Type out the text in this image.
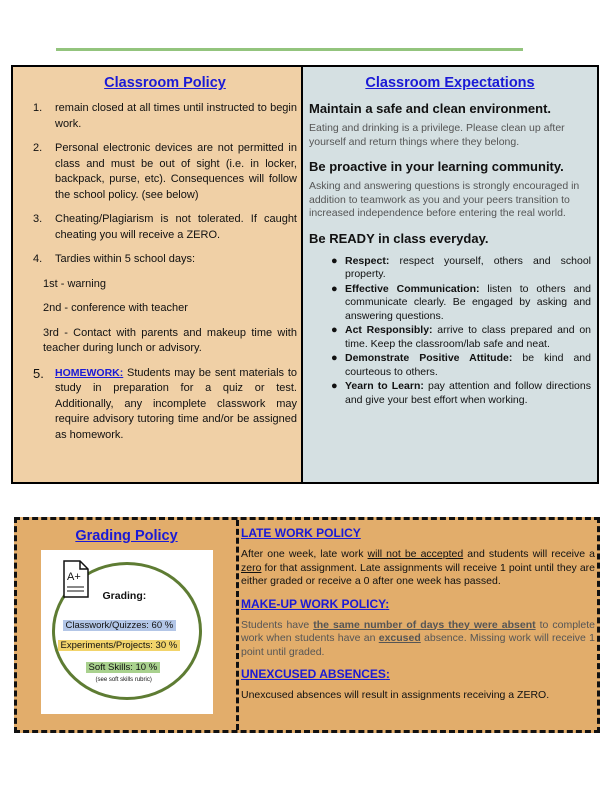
Classroom Policy
1.	remain closed at all times until instructed to begin work.
2.	Personal electronic devices are not permitted in class and must be out of sight (i.e. in locker, backpack, purse, etc). Consequences will follow the school policy. (see below)
3.	Cheating/Plagiarism is not tolerated. If caught cheating you will receive a ZERO.
4.	Tardies within 5 school days:
1st - warning
2nd - conference with teacher
3rd - Contact with parents and makeup time with teacher during lunch or advisory.
5.	HOMEWORK: Students may be sent materials to study in preparation for a quiz or test. Additionally, any incomplete classwork may require advisory tutoring time and/or be assigned as homework.
Classroom Expectations
Maintain a safe and clean environment.
Eating and drinking is a privilege. Please clean up after yourself and return things where they belong.
Be proactive in your learning community.
Asking and answering questions is strongly encouraged in addition to teamwork as you and your peers transition to increased independence before entering the real world.
Be READY in class everyday.
● Respect: respect yourself, others and school property.
● Effective Communication: listen to others and communicate clearly. Be engaged by asking and answering questions.
● Act Responsibly: arrive to class prepared and on time. Keep the classroom/lab safe and neat.
● Demonstrate Positive Attitude: be kind and courteous to others.
● Yearn to Learn: pay attention and follow directions and give your best effort when working.
Grading Policy
A+
Grading:
Classwork/Quizzes: 60 %
Experiments/Projects: 30 %
Soft Skills: 10 %
(see soft skills rubric)
LATE WORK POLICY
After one week, late work will not be accepted and students will receive a zero for that assignment. Late assignments will receive 1 point until they are either graded or receive a 0 after one week has passed.
MAKE-UP WORK POLICY:
Students have the same number of days they were absent to complete work when students have an excused absence. Missing work will receive 1 point until graded.
UNEXCUSED ABSENCES:
Unexcused absences will result in assignments receiving a ZERO.
